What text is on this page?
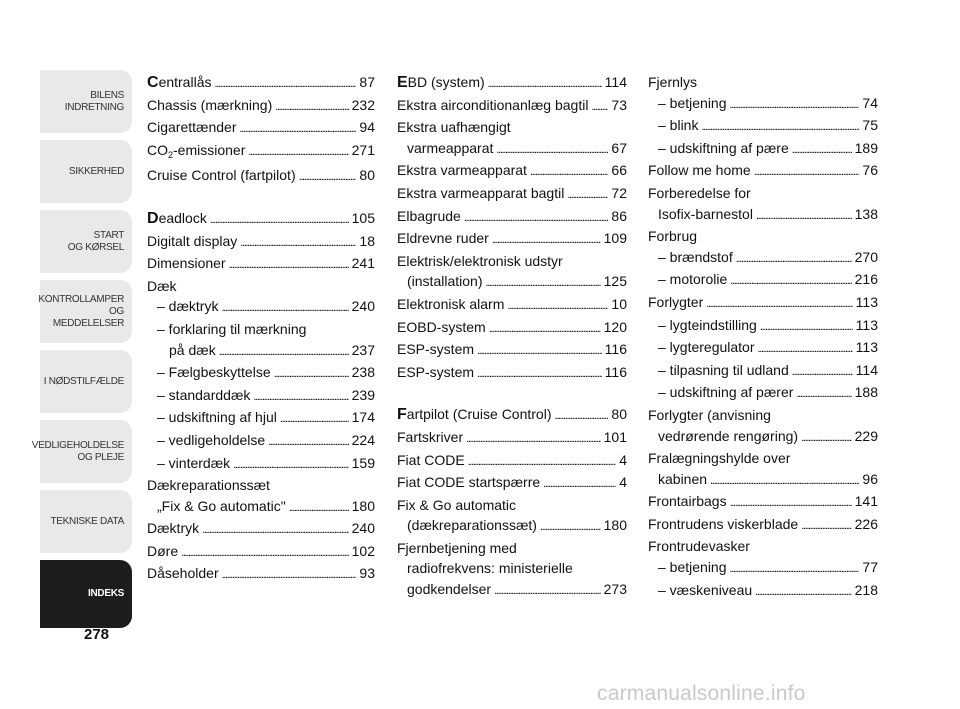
BILENS
INDRETNING
SIKKERHED
START
OG KØRSEL
KONTROLLAMPER
OG MEDDELELSER
I NØDSTILFÆLDE
VEDLIGEHOLDELSE
OG PLEJE
TEKNISKE DATA
INDEKS
278
Centrallås . . .	87
Chassis (mærkning) . . .	232
Cigarettænder . . .	94
$CO_2$-emissioner . . .	271
Cruise Control (fartpilot) . . .	80
Deadlock . . .	105
Digitalt display . . .	18
Dimensioner . . .	241
Dæk
– dæktryk . . .	240
– forklaring til mærkning
på dæk . . .	237
– Fælgbeskyttelse . . .	238
– standarddæk . . .	239
– udskiftning af hjul . . .	174
– vedligeholdelse . . .	224
– vinterdæk . . .	159
Dækreparationssæt
„Fix & Go automatic" . . .	180
Dæktryk . . .	240
Døre . . .	102
Dåseholder . . .	93
EBD (system) . . .	114
Ekstra airconditionanlæg bagtil . . . 73
Ekstra uafhængigt
varmeapparat . . .	67
Ekstra varmeapparat . . .	66
Ekstra varmeapparat bagtil . . .	72
Elbagrude . . .	86
Eldrevne ruder . . .	109
Elektrisk/elektronisk udstyr
(installation) . . .	125
Elektronisk alarm . . .	10
EOBD-system . . .	120
ESP-system . . .	116
ESP-system . . .	116
Fartpilot (Cruise Control) . . .	80
Fartskriver . . .	101
Fiat CODE . . .	4
Fiat CODE startspærre . . .	4
Fix & Go automatic
(dækreparationssæt) . . .	180
Fjernbetjening med
radiofrekvens: ministerielle
godkendelser . . .	273
Fjernlys
– betjening . . .	74
– blink . . .	75
– udskiftning af pære . . .	189
Follow me home . . .	76
Forberedelse for
Isofix-barnestol . . .	138
Forbrug
– brændstof . . .	270
– motorolie . . .	216
Forlygter . . .	113
– lygteindstilling . . .	113
– lygteregulator . . .	113
– tilpasning til udland . . .	114
– udskiftning af pærer . . .	188
Forlygter (anvisning
vedrørende rengøring) . . .	229
Fralægningshylde over
kabinen . . .	96
Frontairbags . . .	141
Frontrudens viskerblade . . .	226
Frontrudevasker
– betjening . . .	77
– væskeniveau . . .	218
carmanualsonline.info
